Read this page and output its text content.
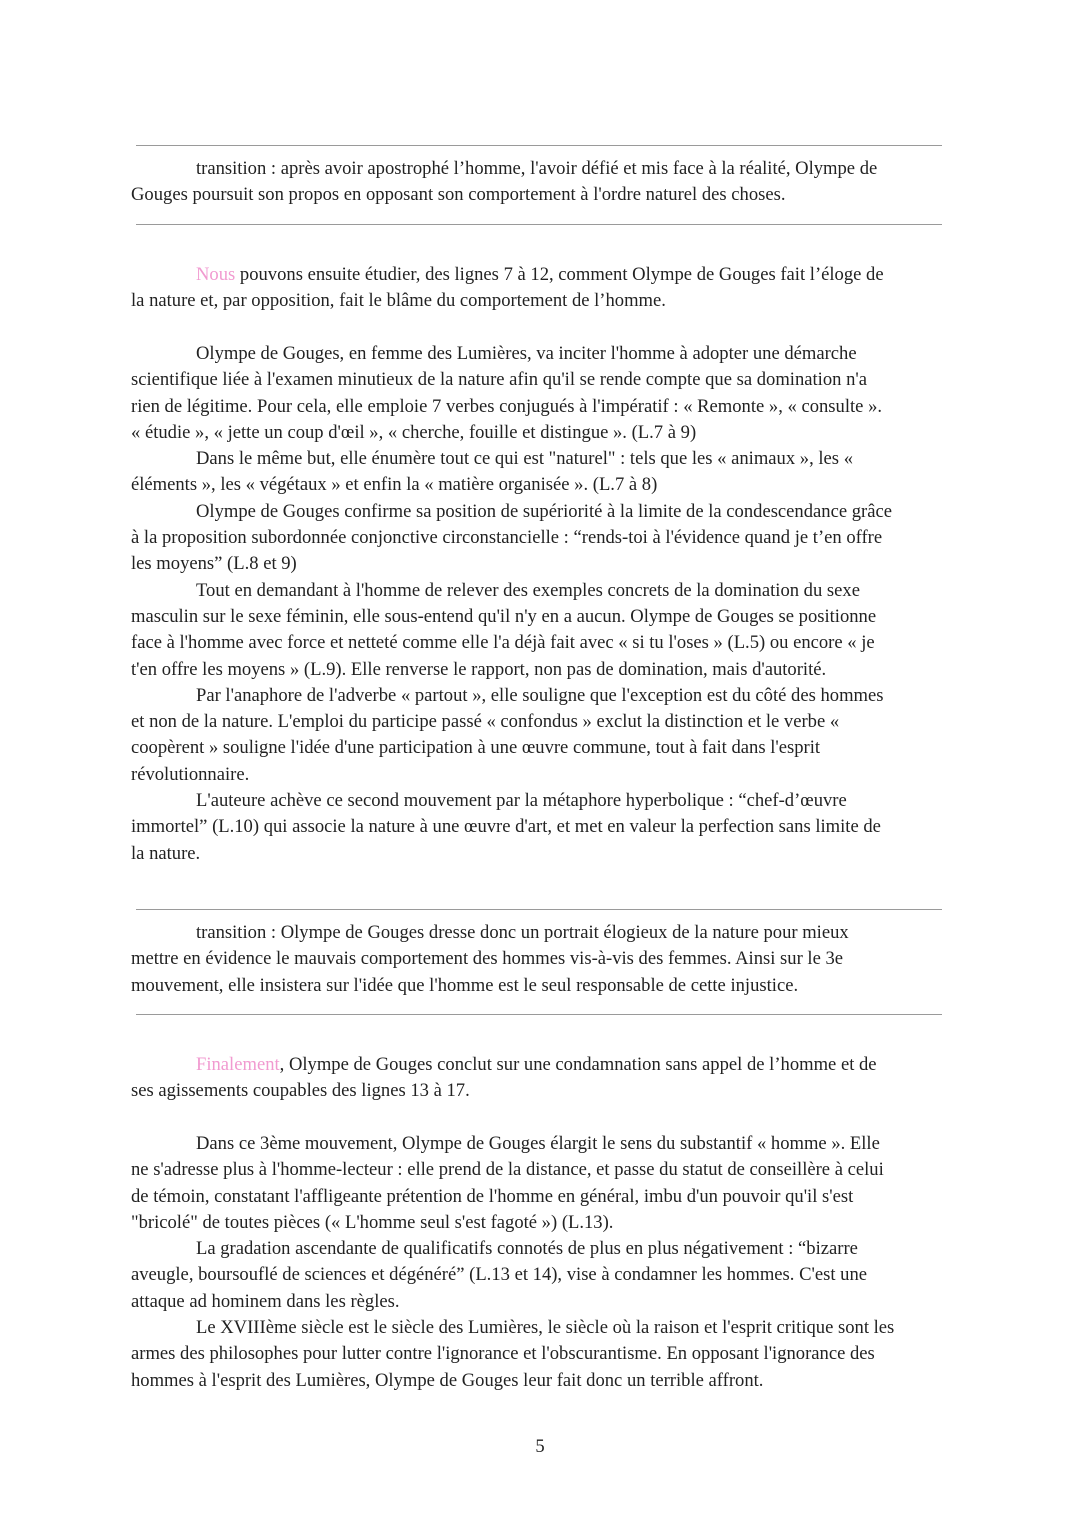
transition : après avoir apostrophé l’homme, l'avoir défié et mis face à la réalité, Olympe de
Gouges poursuit son propos en opposant son comportement à l'ordre naturel des choses.
Nous pouvons ensuite étudier, des lignes 7 à 12, comment Olympe de Gouges fait l’éloge de
la nature et, par opposition, fait le blâme du comportement de l’homme.
Olympe de Gouges, en femme des Lumières, va inciter l'homme à adopter une démarche
scientifique liée à l'examen minutieux de la nature afin qu'il se rende compte que sa domination n'a
rien de légitime. Pour cela, elle emploie 7 verbes conjugués à l'impératif : « Remonte », « consulte ».
« étudie », « jette un coup d'œil », « cherche, fouille et distingue ». (L.7 à 9)
Dans le même but, elle énumère tout ce qui est "naturel" : tels que les « animaux », les «
éléments », les « végétaux » et enfin la « matière organisée ». (L.7 à 8)
Olympe de Gouges confirme sa position de supériorité à la limite de la condescendance grâce
à la proposition subordonnée conjonctive circonstancielle : “rends-toi à l'évidence quand je t’en offre
les moyens” (L.8 et 9)
Tout en demandant à l'homme de relever des exemples concrets de la domination du sexe
masculin sur le sexe féminin, elle sous-entend qu'il n'y en a aucun. Olympe de Gouges se positionne
face à l'homme avec force et netteté comme elle l'a déjà fait avec « si tu l'oses » (L.5) ou encore « je
t'en offre les moyens » (L.9). Elle renverse le rapport, non pas de domination, mais d'autorité.
Par l'anaphore de l'adverbe « partout », elle souligne que l'exception est du côté des hommes
et non de la nature. L'emploi du participe passé « confondus » exclut la distinction et le verbe «
coopèrent » souligne l'idée d'une participation à une œuvre commune, tout à fait dans l'esprit
révolutionnaire.
L'auteure achève ce second mouvement par la métaphore hyperbolique : “chef-d’œuvre
immortel” (L.10) qui associe la nature à une œuvre d'art, et met en valeur la perfection sans limite de
la nature.
transition : Olympe de Gouges dresse donc un portrait élogieux de la nature pour mieux
mettre en évidence le mauvais comportement des hommes vis-à-vis des femmes. Ainsi sur le 3e
mouvement, elle insistera sur l'idée que l'homme est le seul responsable de cette injustice.
Finalement, Olympe de Gouges conclut sur une condamnation sans appel de l’homme et de
ses agissements coupables des lignes 13 à 17.
Dans ce 3ème mouvement, Olympe de Gouges élargit le sens du substantif « homme ». Elle
ne s'adresse plus à l'homme-lecteur : elle prend de la distance, et passe du statut de conseillère à celui
de témoin, constatant l'affligeante prétention de l'homme en général, imbu d'un pouvoir qu'il s'est
"bricolé" de toutes pièces (« L'homme seul s'est fagoté ») (L.13).
La gradation ascendante de qualificatifs connotés de plus en plus négativement : “bizarre
aveugle, boursouflé de sciences et dégénéré” (L.13 et 14), vise à condamner les hommes. C'est une
attaque ad hominem dans les règles.
Le XVIIIème siècle est le siècle des Lumières, le siècle où la raison et l'esprit critique sont les
armes des philosophes pour lutter contre l'ignorance et l'obscurantisme. En opposant l'ignorance des
hommes à l'esprit des Lumières, Olympe de Gouges leur fait donc un terrible affront.
5
